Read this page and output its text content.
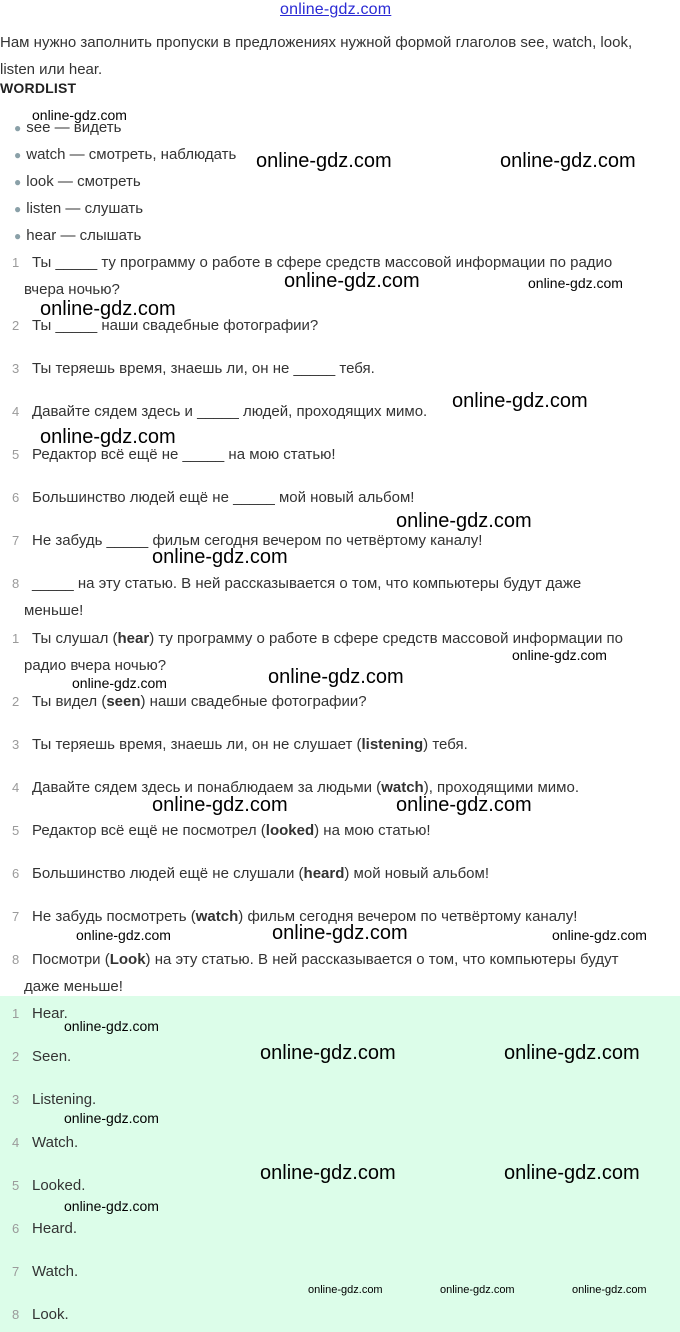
online-gdz.com
Нам нужно заполнить пропуски в предложениях нужной формой глаголов see, watch, look, listen или hear.
WORDLIST
● see — видеть
● watch — смотреть, наблюдать
● look — смотреть
● listen — слушать
● hear — слышать
1 Ты _____ ту программу о работе в сфере средств массовой информации по радио
вчера ночью?
2 Ты _____ наши свадебные фотографии?
3 Ты теряешь время, знаешь ли, он не _____ тебя.
4 Давайте сядем здесь и _____ людей, проходящих мимо.
5 Редактор всё ещё не _____ на мою статью!
6 Большинство людей ещё не _____ мой новый альбом!
7 Не забудь _____ фильм сегодня вечером по четвёртому каналу!
8 _____ на эту статью. В ней рассказывается о том, что компьютеры будут даже
меньше!
1 Ты слушал (hear) ту программу о работе в сфере средств массовой информации по
радио вчера ночью?
2 Ты видел (seen) наши свадебные фотографии?
3 Ты теряешь время, знаешь ли, он не слушает (listening) тебя.
4 Давайте сядем здесь и понаблюдаем за людьми (watch), проходящими мимо.
5 Редактор всё ещё не посмотрел (looked) на мою статью!
6 Большинство людей ещё не слушали (heard) мой новый альбом!
7 Не забудь посмотреть (watch) фильм сегодня вечером по четвёртому каналу!
8 Посмотри (Look) на эту статью. В ней рассказывается о том, что компьютеры будут
даже меньше!
1 Hear.
2 Seen.
3 Listening.
4 Watch.
5 Looked.
6 Heard.
7 Watch.
8 Look.
online-gdz.com
online-gdz.com	online-gdz.com
online-gdz.com	online-gdz.com
online-gdz.com
online-gdz.com
online-gdz.com
online-gdz.com
online-gdz.com
online-gdz.com
online-gdz.com
online-gdz.com
online-gdz.com	online-gdz.com
online-gdz.com	online-gdz.com	online-gdz.com
online-gdz.com
online-gdz.com	online-gdz.com
online-gdz.com
online-gdz.com	online-gdz.com
online-gdz.com
online-gdz.com	online-gdz.com	online-gdz.com
